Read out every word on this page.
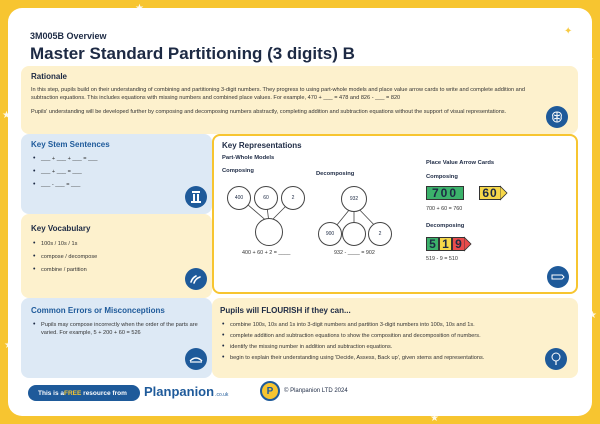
3M005B Overview
Master Standard Partitioning (3 digits) B
Rationale
In this step, pupils build on their understanding of combining and partitioning 3-digit numbers. They progress to using part-whole models and place value arrow cards to write and complete addition and subtraction equations. This includes equations with missing numbers and combined place values. For example, 470 + ___ = 478 and 826 - ___ = 820
Pupils' understanding will be developed further by composing and decomposing numbers abstractly, completing addition and subtraction equations without the support of visual representations.
Key Stem Sentences
• ___ + ___ + ___ = ___
• ___ + ___ = ___
• ___ - ___ = ___
Key Vocabulary
• 100s / 10s / 1s
• compose / decompose
• combine / partition
Common Errors or Misconceptions
• Pupils may compose incorrectly when the order of the parts are varied. For example, 5 + 200 + 60 = 526
Key Representations
Part-Whole Models
Composing
400	60	2
400 + 60 + 2 = ____
Decomposing
932
900	2
932 - ____ = 902
Place Value Arrow Cards
Composing
700	60
700 + 60 = 760
Decomposing
5 1 9
519 - 9 = 510
Pupils will FLOURISH if they can...
• combine 100s, 10s and 1s into 3-digit numbers and partition 3-digit numbers into 100s, 10s and 1s.
• complete addition and subtraction equations to show the composition and decomposition of numbers.
• identify the missing number in addition and subtraction equations.
• begin to explain their understanding using 'Decide, Assess, Back up', given stems and representations.
This is a FREE resource from Planpanion .co.uk	P	© Planpanion LTD 2024
✦
★
★
★
★
★
★
